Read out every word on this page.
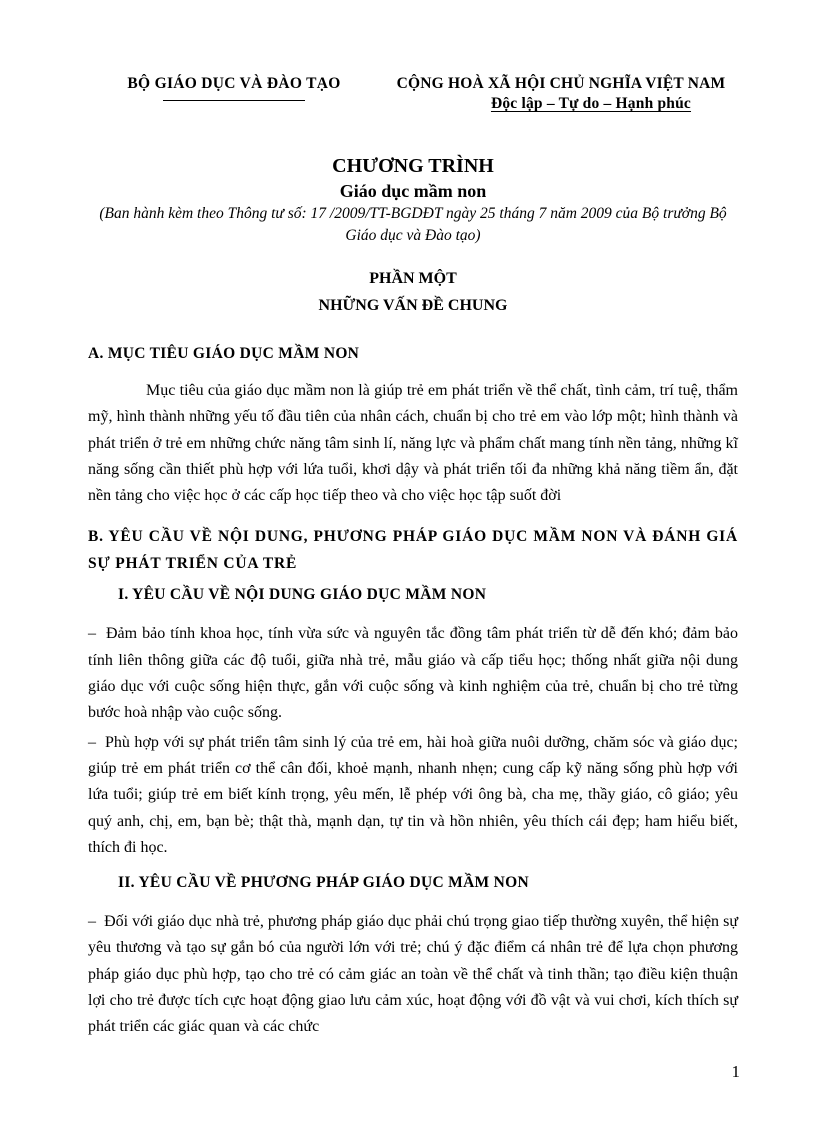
BỘ GIÁO DỤC VÀ ĐÀO TẠO	CỘNG HOÀ XÃ HỘI CHỦ NGHĨA VIỆT NAM
Độc lập – Tự do – Hạnh phúc
CHƯƠNG TRÌNH
Giáo dục mầm non
(Ban hành kèm theo Thông tư số: 17 /2009/TT-BGDĐT ngày 25 tháng 7 năm 2009 của Bộ trưởng Bộ Giáo dục và Đào tạo)
PHẦN MỘT
NHỮNG VẤN ĐỀ CHUNG

A. MỤC TIÊU GIÁO DỤC MẦM NON

Mục tiêu của giáo dục mầm non là giúp trẻ em phát triển về thể chất, tình cảm, trí tuệ, thẩm mỹ, hình thành những yếu tố đầu tiên của nhân cách, chuẩn bị cho trẻ em vào lớp một; hình thành và phát triển ở trẻ em những chức năng tâm sinh lí, năng lực và phẩm chất mang tính nền tảng, những kĩ năng sống cần thiết phù hợp với lứa tuổi, khơi dậy và phát triển tối đa những khả năng tiềm ẩn, đặt nền tảng cho việc học ở các cấp học tiếp theo và cho việc học tập suốt đời

B. YÊU CẦU VỀ NỘI DUNG, PHƯƠNG PHÁP GIÁO DỤC MẦM NON VÀ ĐÁNH GIÁ SỰ PHÁT TRIỂN CỦA TRẺ

I. YÊU CẦU VỀ NỘI DUNG GIÁO DỤC MẦM NON

–  Đảm bảo tính khoa học, tính vừa sức và nguyên tắc đồng tâm phát triển từ dễ đến khó; đảm bảo tính liên thông giữa các độ tuổi, giữa nhà trẻ, mẫu giáo và cấp tiểu học; thống nhất giữa nội dung giáo dục với cuộc sống hiện thực, gắn với cuộc sống và kinh nghiệm của trẻ, chuẩn bị cho trẻ từng bước hoà nhập vào cuộc sống.

–  Phù hợp với sự phát triển tâm sinh lý của trẻ em, hài hoà giữa nuôi dưỡng, chăm sóc và giáo dục; giúp trẻ em phát triển cơ thể cân đối, khoẻ mạnh, nhanh nhẹn; cung cấp kỹ năng sống phù hợp với lứa tuổi; giúp trẻ em biết kính trọng, yêu mến, lễ phép với ông bà, cha mẹ, thầy giáo, cô giáo; yêu quý anh, chị, em, bạn bè; thật thà, mạnh dạn, tự tin và hồn nhiên, yêu thích cái đẹp; ham hiểu biết, thích đi học.

II. YÊU CẦU VỀ PHƯƠNG PHÁP GIÁO DỤC MẦM NON

–  Đối với giáo dục nhà trẻ, phương pháp giáo dục phải chú trọng giao tiếp thường xuyên, thể hiện sự yêu thương và tạo sự gắn bó của người lớn với trẻ; chú ý đặc điểm cá nhân trẻ để lựa chọn phương pháp giáo dục phù hợp, tạo cho trẻ có cảm giác an toàn về thể chất và tinh thần; tạo điều kiện thuận lợi cho trẻ được tích cực hoạt động giao lưu cảm xúc, hoạt động với đồ vật và vui chơi, kích thích sự phát triển các giác quan và các chức

1
